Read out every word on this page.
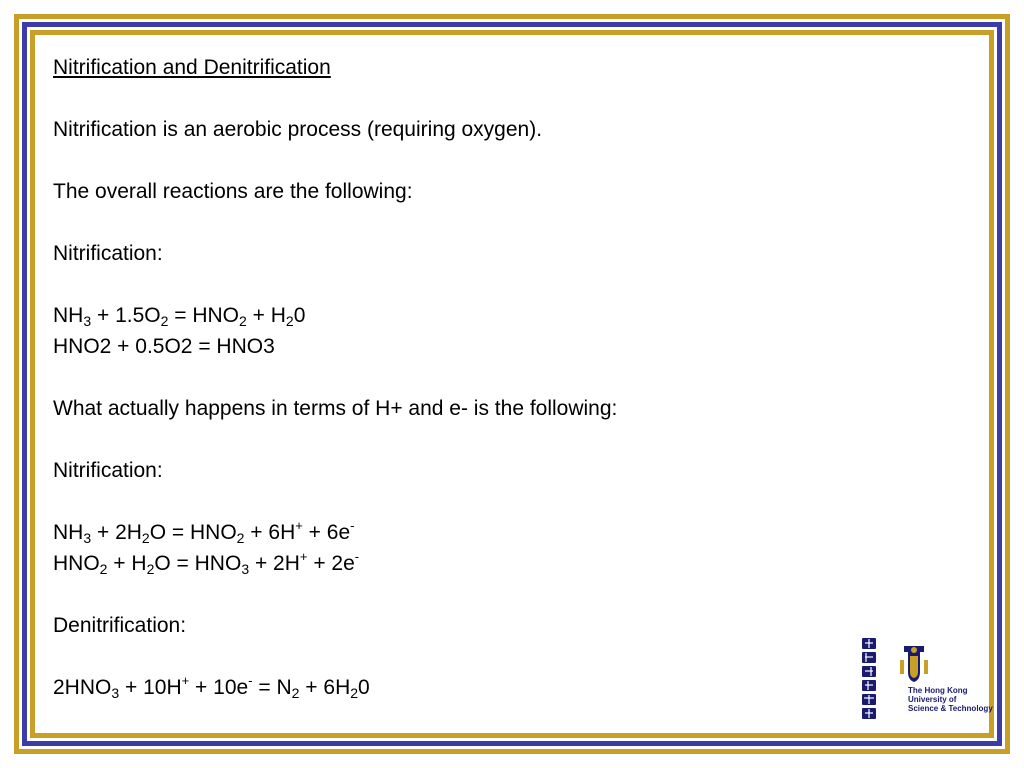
Nitrification and Denitrification
Nitrification is an aerobic process (requiring oxygen).
The overall reactions are the following:
Nitrification:
$NH_3 + 1.5O_2 = HNO_2 + H_20$
HNO2 + 0.5O2 = HNO3
What actually happens in terms of H+ and e- is the following:
Nitrification:
$NH_3 + 2H_2O = HNO_2 + 6H^+ + 6e^-$
$HNO_2 + H_2O = HNO_3 + 2H^+ + 2e^-$
Denitrification:
$2HNO_3 + 10H^+ + 10e^- = N_2 + 6H_20$	The Hong Kong
University of
Science & Technology
